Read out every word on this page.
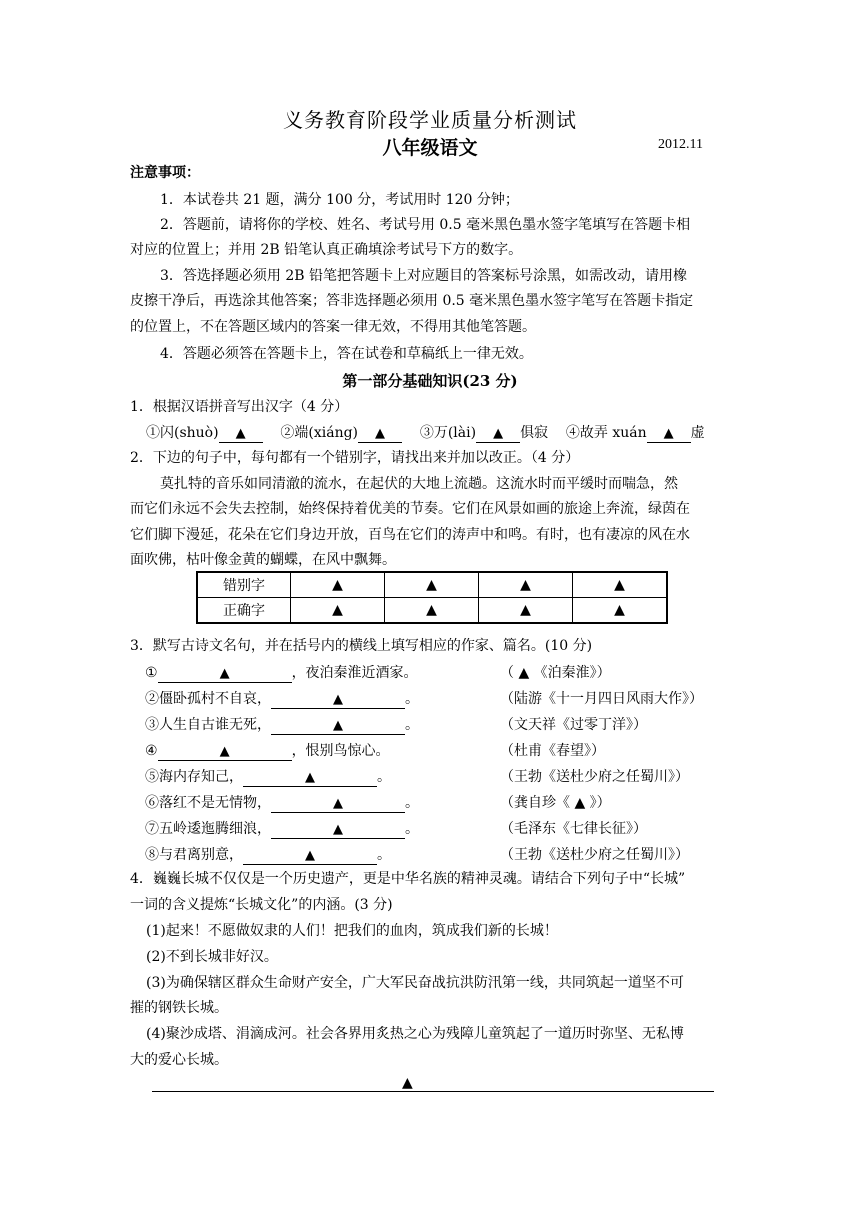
义务教育阶段学业质量分析测试
八年级语文	2012.11
注意事项：
1．本试卷共 21 题，满分 100 分，考试用时 120 分钟；
2．答题前，请将你的学校、姓名、考试号用 0.5 毫米黑色墨水签字笔填写在答题卡相
对应的位置上；并用 2B 铅笔认真正确填涂考试号下方的数字。
3．答选择题必须用 2B 铅笔把答题卡上对应题目的答案标号涂黑，如需改动，请用橡
皮擦干净后，再选涂其他答案；答非选择题必须用 0.5 毫米黑色墨水签字笔写在答题卡指定
的位置上，不在答题区域内的答案一律无效，不得用其他笔答题。
4．答题必须答在答题卡上，答在试卷和草稿纸上一律无效。
第一部分基础知识(23 分)
1．根据汉语拼音写出汉字（4 分）
①闪(shuò) ▲ ②端(xiáng) ▲ ③万(lài) ▲ 俱寂 ④故弄 xuán ▲ 虚
2．下边的句子中，每句都有一个错别字，请找出来并加以改正。（4 分）
莫扎特的音乐如同清澈的流水，在起伏的大地上流趟。这流水时而平缓时而喘急，然
而它们永远不会失去控制，始终保持着优美的节奏。它们在风景如画的旅途上奔流，绿茵在
它们脚下漫延，花朵在它们身边开放，百鸟在它们的涛声中和鸣。有时，也有凄凉的风在水
面吹佛，枯叶像金黄的蝴蝶，在风中飘舞。
错别字	▲	▲	▲	▲
正确字	▲	▲	▲	▲
3．默写古诗文名句，并在括号内的横线上填写相应的作家、篇名。(10 分)
①	▲	，夜泊秦淮近酒家。	（ ▲ 《泊秦淮》）
②僵卧孤村不自哀，	▲	。	（陆游《十一月四日风雨大作》）
③人生自古谁无死，	▲	。	（文天祥《过零丁洋》）
④	▲	，恨别鸟惊心。	（杜甫《春望》）
⑤海内存知己，	▲	。	（王勃《送杜少府之任蜀川》）
⑥落红不是无情物，	▲	。	（龚自珍《 ▲ 》）
⑦五岭逶迤腾细浪，	▲	。	（毛泽东《七律长征》）
⑧与君离别意，	▲	。	（王勃《送杜少府之任蜀川》）
4．巍巍长城不仅仅是一个历史遗产，更是中华名族的精神灵魂。请结合下列句子中“长城”
一词的含义提炼“长城文化”的内涵。(3 分)
(1)起来！不愿做奴隶的人们！把我们的血肉，筑成我们新的长城！
(2)不到长城非好汉。
(3)为确保辖区群众生命财产安全，广大军民奋战抗洪防汛第一线，共同筑起一道坚不可
摧的钢铁长城。
(4)聚沙成塔、涓滴成河。社会各界用炙热之心为残障儿童筑起了一道历时弥坚、无私博
大的爱心长城。
▲
